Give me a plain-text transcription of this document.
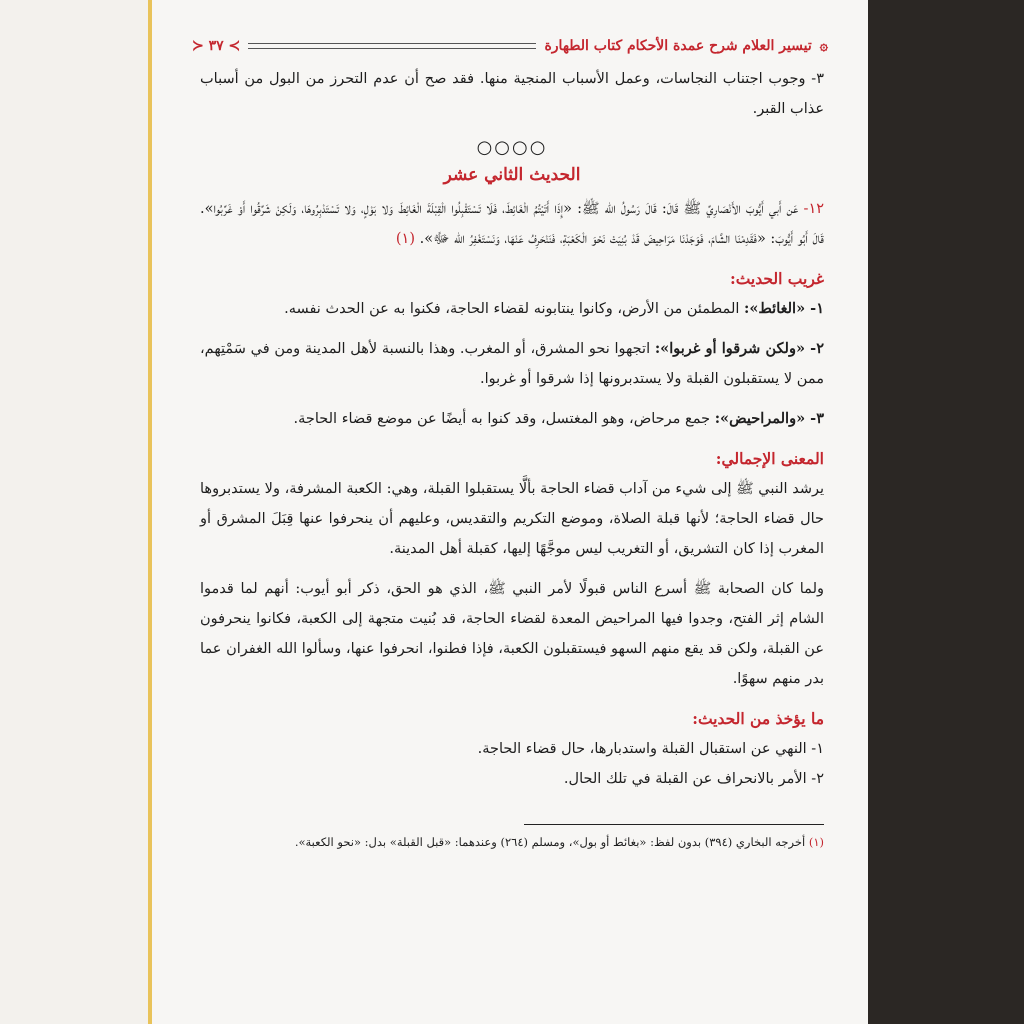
۞
تيسير العلام شرح عمدة الأحكام كتاب الطهارة
≻ ٣٧ ≺

٣- وجوب اجتناب النجاسات، وعمل الأسباب المنجية منها. فقد صح أن عدم التحرز من البول من أسباب عذاب القبر.

○○○○
الحديث الثاني عشر

١٢- عَن أَبي أَيُّوبَ الأَنْصَارِيِّ ﷺ قَالَ: قَالَ رَسُولُ الله ﷺ: «إِذَا أَتَيْتُمُ الْغَائِطَ، فَلَا تَسْتَقْبِلُوا الْقِبْلَةَ الْغَائِطَ وَلا بَوْلٍ، وَلا تَسْتَدْبِرُوهَا، وَلَكِنْ شَرِّقُوا أَوْ غَرِّبُوا». قَالَ أَبُو أَيُّوبَ: «فَقَدِمْنَا الشَّامَ، فَوَجَدْنَا مَرَاحِيضَ قَدْ بُنِيَتْ نَحْوَ الْكَعْبَةِ، فَنَنْحَرِفُ عَنْهَا، وَنَسْتَغْفِرُ الله ﷻ». (١)

غريب الحديث:

١- «الغائط»: المطمئن من الأرض، وكانوا ينتابونه لقضاء الحاجة، فكنوا به عن الحدث نفسه.

٢- «ولكن شرقوا أو غربوا»: اتجهوا نحو المشرق، أو المغرب. وهذا بالنسبة لأهل المدينة ومن في سَمْتِهم، ممن لا يستقبلون القبلة ولا يستدبرونها إذا شرقوا أو غربوا.

٣- «والمراحيض»: جمع مرحاض، وهو المغتسل، وقد كنوا به أيضًا عن موضع قضاء الحاجة.

المعنى الإجمالي:

يرشد النبي ﷺ إلى شيء من آداب قضاء الحاجة بألَّا يستقبلوا القبلة، وهي: الكعبة المشرفة، ولا يستدبروها حال قضاء الحاجة؛ لأنها قبلة الصلاة، وموضع التكريم والتقديس، وعليهم أن ينحرفوا عنها قِبَلَ المشرق أو المغرب إذا كان التشريق، أو التغريب ليس موجَّهًا إليها، كقبلة أهل المدينة.

ولما كان الصحابة ﷺ أسرع الناس قبولًا لأمر النبي ﷺ، الذي هو الحق، ذكر أبو أيوب: أنهم لما قدموا الشام إثر الفتح، وجدوا فيها المراحيض المعدة لقضاء الحاجة، قد بُنيت متجهة إلى الكعبة، فكانوا ينحرفون عن القبلة، ولكن قد يقع منهم السهو فيستقبلون الكعبة، فإذا فطنوا، انحرفوا عنها، وسألوا الله الغفران عما بدر منهم سهوًا.

ما يؤخذ من الحديث:

١- النهي عن استقبال القبلة واستدبارها، حال قضاء الحاجة.

٢- الأمر بالانحراف عن القبلة في تلك الحال.

(١) أخرجه البخاري (٣٩٤) بدون لفظ: «بغائط أو بول»، ومسلم (٢٦٤) وعندهما: «قبل القبلة» بدل: «نحو الكعبة».
